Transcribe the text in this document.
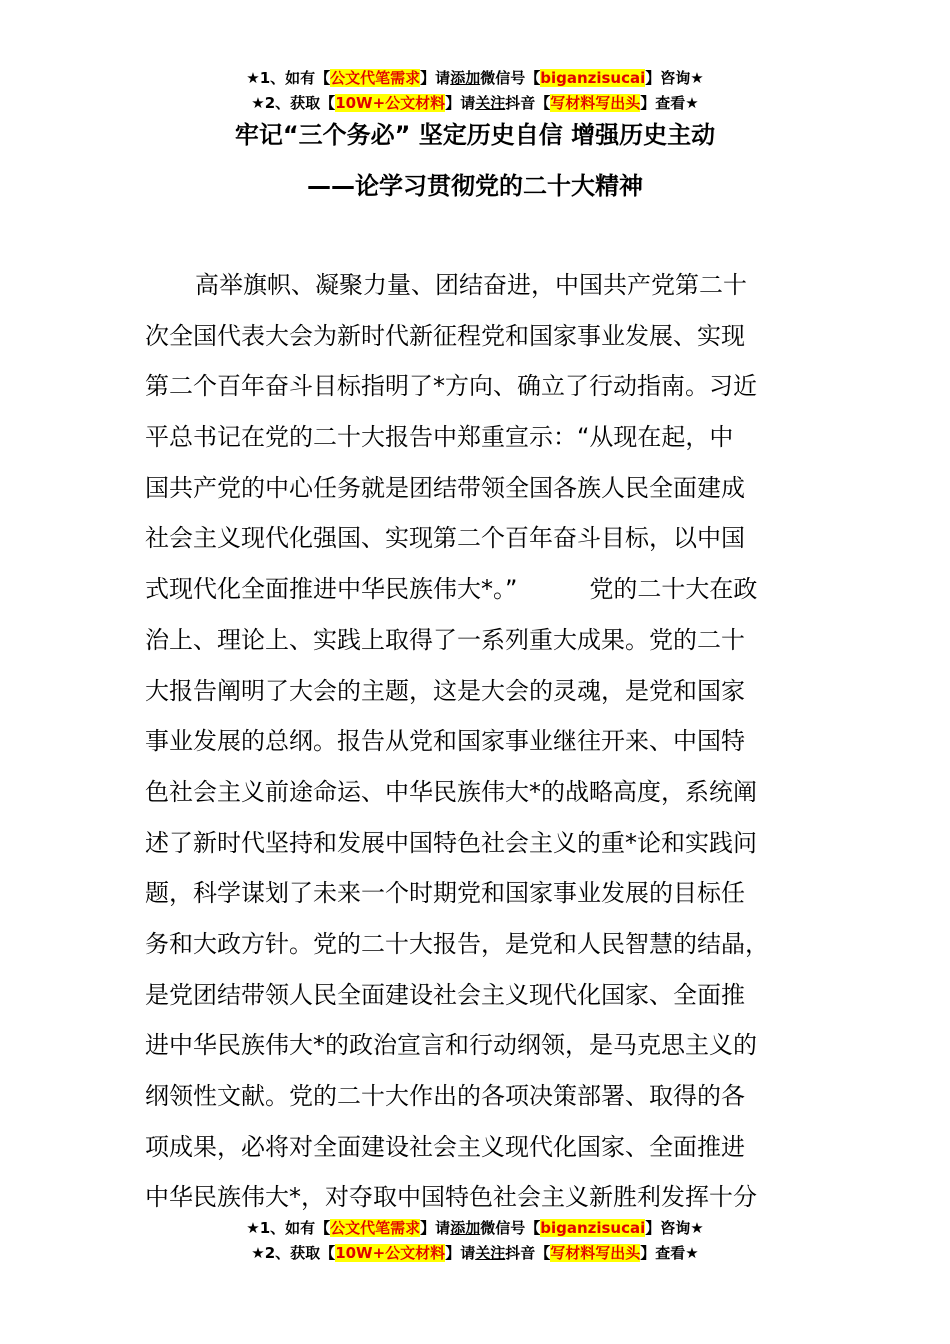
★1、如有【公文代笔需求】请添加微信号【biganzisucai】咨询★
★2、获取【10W+公文材料】请关注抖音【写材料写出头】查看★
牢记“三个务必” 坚定历史自信 增强历史主动
——论学习贯彻党的二十大精神
高举旗帜、凝聚力量、团结奋进，中国共产党第二十
次全国代表大会为新时代新征程党和国家事业发展、实现
第二个百年奋斗目标指明了*方向、确立了行动指南。习近
平总书记在党的二十大报告中郑重宣示：“从现在起，中
国共产党的中心任务就是团结带领全国各族人民全面建成
社会主义现代化强国、实现第二个百年奋斗目标，以中国
式现代化全面推进中华民族伟大*。”　　　党的二十大在政
治上、理论上、实践上取得了一系列重大成果。党的二十
大报告阐明了大会的主题，这是大会的灵魂，是党和国家
事业发展的总纲。报告从党和国家事业继往开来、中国特
色社会主义前途命运、中华民族伟大*的战略高度，系统阐
述了新时代坚持和发展中国特色社会主义的重*论和实践问
题，科学谋划了未来一个时期党和国家事业发展的目标任
务和大政方针。党的二十大报告，是党和人民智慧的结晶，
是党团结带领人民全面建设社会主义现代化国家、全面推
进中华民族伟大*的政治宣言和行动纲领，是马克思主义的
纲领性文献。党的二十大作出的各项决策部署、取得的各
项成果，必将对全面建设社会主义现代化国家、全面推进
中华民族伟大*，对夺取中国特色社会主义新胜利发挥十分
★1、如有【公文代笔需求】请添加微信号【biganzisucai】咨询★
★2、获取【10W+公文材料】请关注抖音【写材料写出头】查看★
